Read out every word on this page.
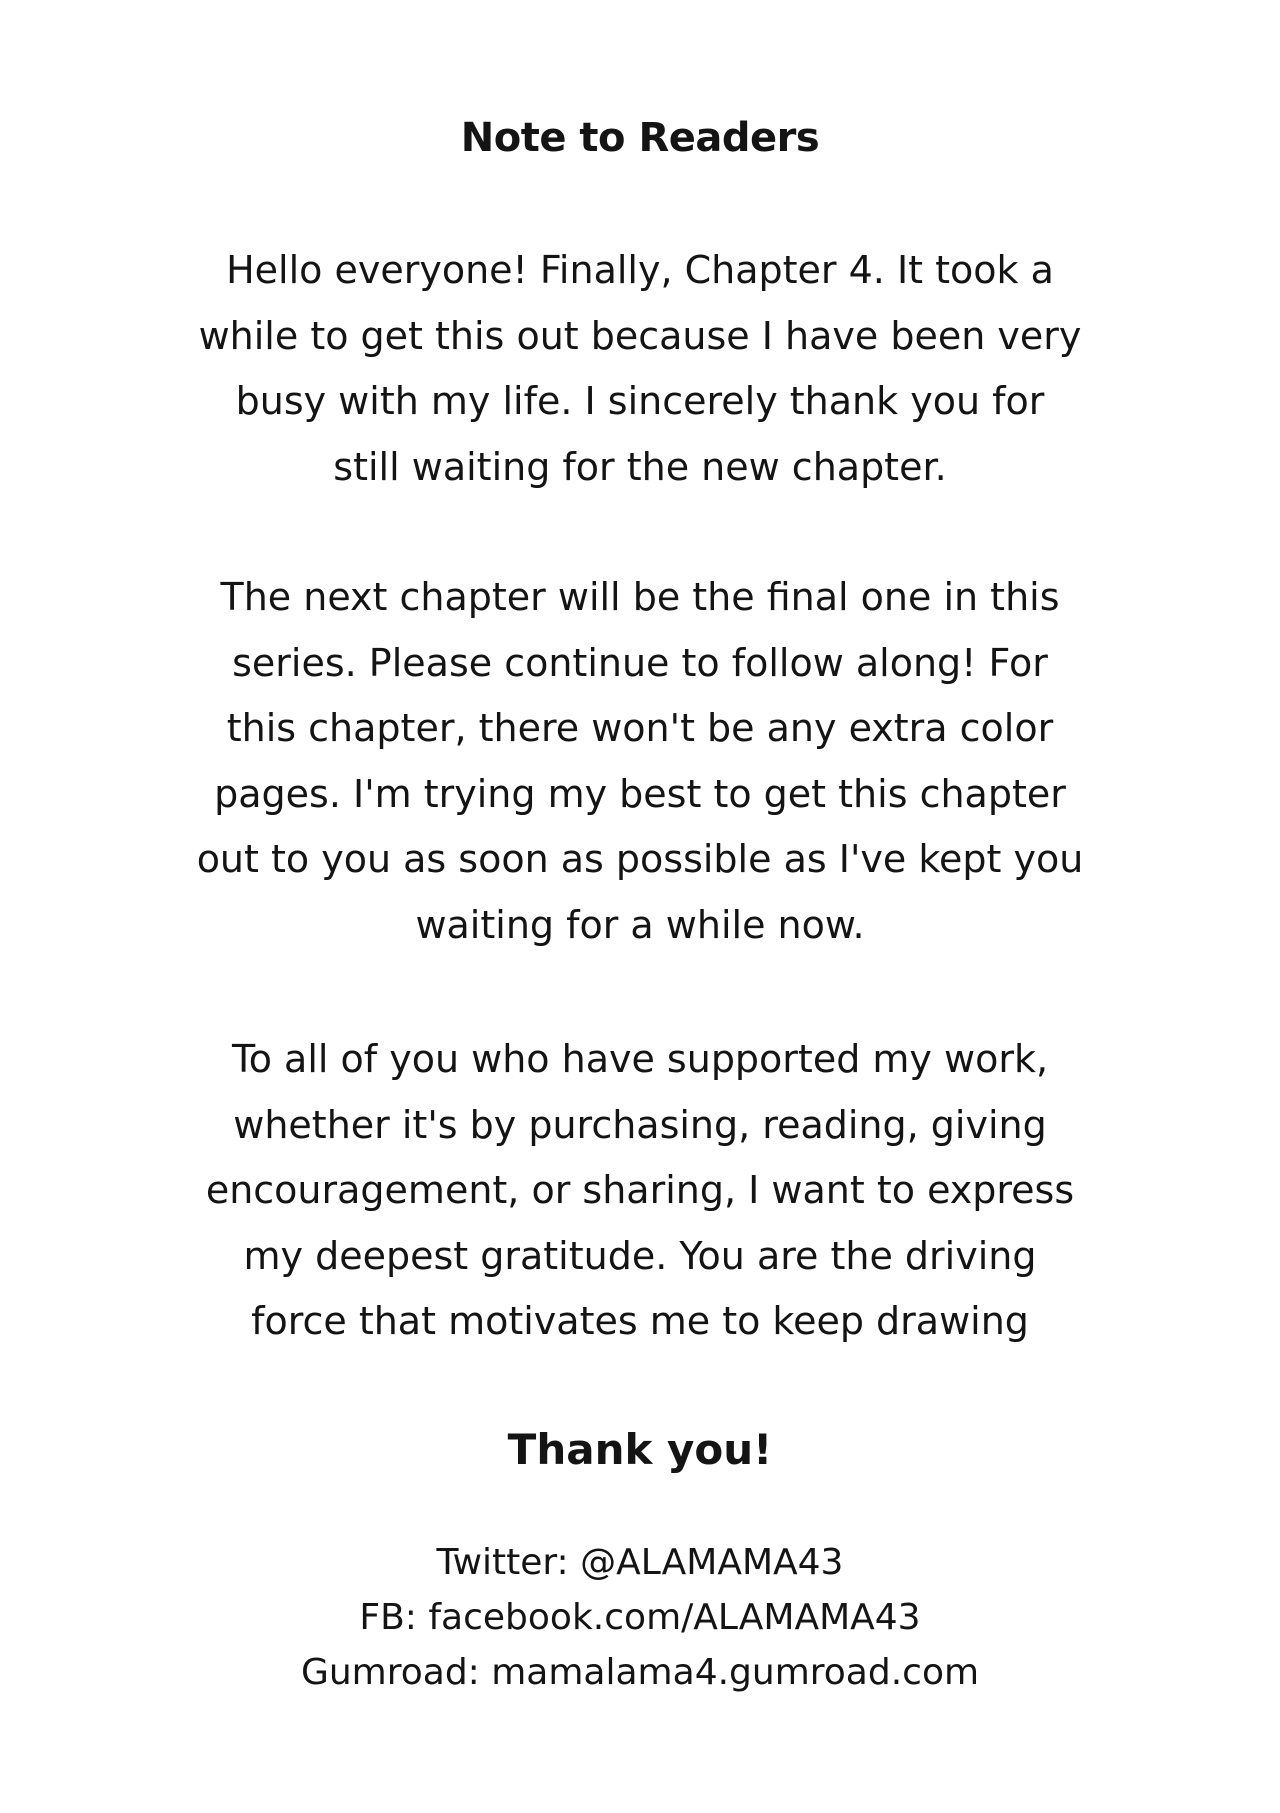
Note to Readers

Hello everyone! Finally, Chapter 4. It took a
while to get this out because I have been very
busy with my life. I sincerely thank you for
still waiting for the new chapter.

The next chapter will be the final one in this
series. Please continue to follow along! For
this chapter, there won't be any extra color
pages. I'm trying my best to get this chapter
out to you as soon as possible as I've kept you
waiting for a while now.

To all of you who have supported my work,
whether it's by purchasing, reading, giving
encouragement, or sharing, I want to express
my deepest gratitude. You are the driving
force that motivates me to keep drawing

Thank you!

Twitter: @ALAMAMA43
FB: facebook.com/ALAMAMA43
Gumroad: mamalama4.gumroad.com
